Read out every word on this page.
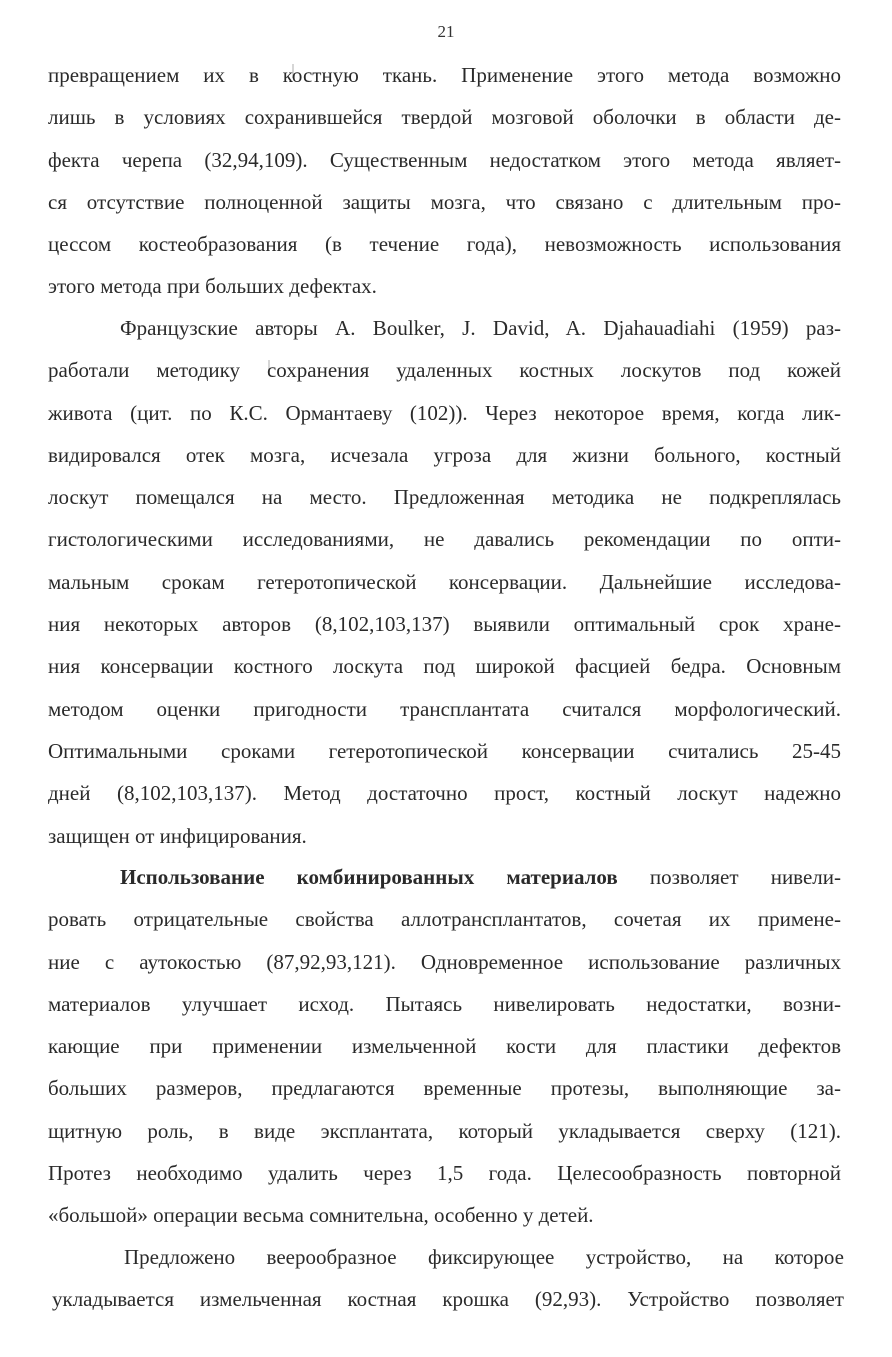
21
превращением их в костную ткань. Применение этого метода возможно
лишь в условиях сохранившейся твердой мозговой оболочки в области де-
фекта черепа (32,94,109). Существенным недостатком этого метода являет-
ся отсутствие полноценной защиты мозга, что связано с длительным про-
цессом костеобразования (в течение года), невозможность использования
этого метода при больших дефектах.
Французские авторы A. Boulker, J. David, A. Djahauadiahi (1959) раз-
работали методику сохранения удаленных костных лоскутов под кожей
живота (цит. по К.С. Ормантаеву (102)). Через некоторое время, когда лик-
видировался отек мозга, исчезала угроза для жизни больного, костный
лоскут помещался на место. Предложенная методика не подкреплялась
гистологическими исследованиями, не давались рекомендации по опти-
мальным срокам гетеротопической консервации. Дальнейшие исследова-
ния некоторых авторов (8,102,103,137) выявили оптимальный срок хране-
ния консервации костного лоскута под широкой фасцией бедра. Основным
методом оценки пригодности трансплантата считался морфологический.
Оптимальными сроками гетеротопической консервации считались 25-45
дней (8,102,103,137). Метод достаточно прост, костный лоскут надежно
защищен от инфицирования.
Использование комбинированных материалов позволяет нивели-
ровать отрицательные свойства аллотрансплантатов, сочетая их примене-
ние с аутокостью (87,92,93,121). Одновременное использование различных
материалов улучшает исход. Пытаясь нивелировать недостатки, возни-
кающие при применении измельченной кости для пластики дефектов
больших размеров, предлагаются временные протезы, выполняющие за-
щитную роль, в виде эксплантата, который укладывается сверху (121).
Протез необходимо удалить через 1,5 года. Целесообразность повторной
«большой» операции весьма сомнительна, особенно у детей.
Предложено веерообразное фиксирующее устройство, на которое
укладывается измельченная костная крошка (92,93). Устройство позволяет
